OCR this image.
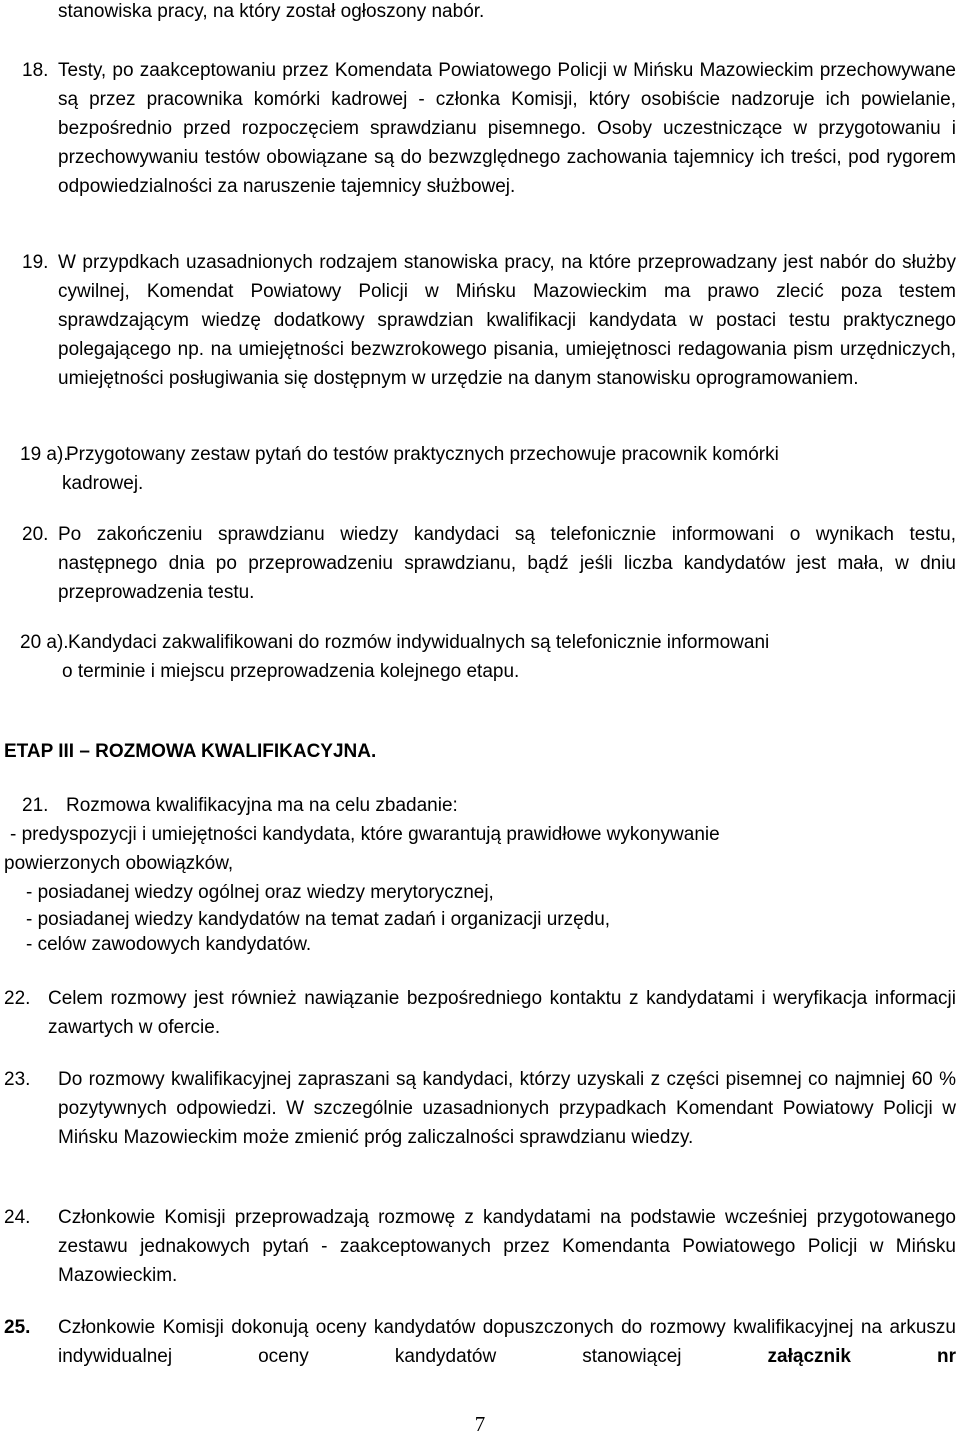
stanowiska pracy, na który został ogłoszony nabór.
18. Testy, po zaakceptowaniu przez Komendata Powiatowego Policji w Mińsku Mazowieckim przechowywane są przez pracownika komórki kadrowej - członka Komisji, który osobiście nadzoruje ich powielanie, bezpośrednio przed rozpoczęciem sprawdzianu pisemnego. Osoby uczestniczące w przygotowaniu i przechowywaniu testów obowiązane są do bezwzględnego zachowania tajemnicy ich treści, pod rygorem odpowiedzialności za naruszenie tajemnicy służbowej.
19. W przypdkach uzasadnionych rodzajem stanowiska pracy, na które przeprowadzany jest nabór do służby cywilnej, Komendat Powiatowy Policji w Mińsku Mazowieckim ma prawo zlecić poza testem sprawdzającym wiedzę dodatkowy sprawdzian kwalifikacji kandydata w postaci testu praktycznego polegającego np. na umiejętności bezwzrokowego pisania, umiejętnosci redagowania pism urzędniczych, umiejętności posługiwania się dostępnym w urzędzie na danym stanowisku oprogramowaniem.
19 a).
Przygotowany zestaw pytań do testów praktycznych przechowuje pracownik komórki
kadrowej.
20. Po zakończeniu sprawdzianu wiedzy kandydaci są telefonicznie informowani o wynikach testu, następnego dnia po przeprowadzeniu sprawdzianu, bądź jeśli liczba kandydatów jest mała, w dniu przeprowadzenia testu.
20 a). Kandydaci zakwalifikowani do rozmów indywidualnych są telefonicznie informowani
o terminie i miejscu przeprowadzenia kolejnego etapu.
ETAP III – ROZMOWA KWALIFIKACYJNA.
21. Rozmowa kwalifikacyjna ma na celu zbadanie:
- predyspozycji i umiejętności kandydata, które gwarantują prawidłowe wykonywanie
powierzonych obowiązków,
- posiadanej wiedzy ogólnej oraz wiedzy merytorycznej,
- posiadanej wiedzy kandydatów na temat zadań i organizacji urzędu,
- celów zawodowych kandydatów.
22. Celem rozmowy jest również nawiązanie bezpośredniego kontaktu z kandydatami i weryfikacja informacji zawartych w ofercie.
23. Do rozmowy kwalifikacyjnej zapraszani są kandydaci, którzy uzyskali z części pisemnej co najmniej 60 % pozytywnych odpowiedzi. W szczególnie uzasadnionych przypadkach Komendant Powiatowy Policji w Mińsku Mazowieckim może zmienić próg zaliczalności sprawdzianu wiedzy.
24. Członkowie Komisji przeprowadzają rozmowę z kandydatami na podstawie wcześniej przygotowanego zestawu jednakowych pytań - zaakceptowanych przez Komendanta Powiatowego Policji w Mińsku Mazowieckim.
25. Członkowie Komisji dokonują oceny kandydatów dopuszczonych do rozmowy kwalifikacyjnej na arkuszu indywidualnej oceny kandydatów stanowiącej	załącznik nr
7
